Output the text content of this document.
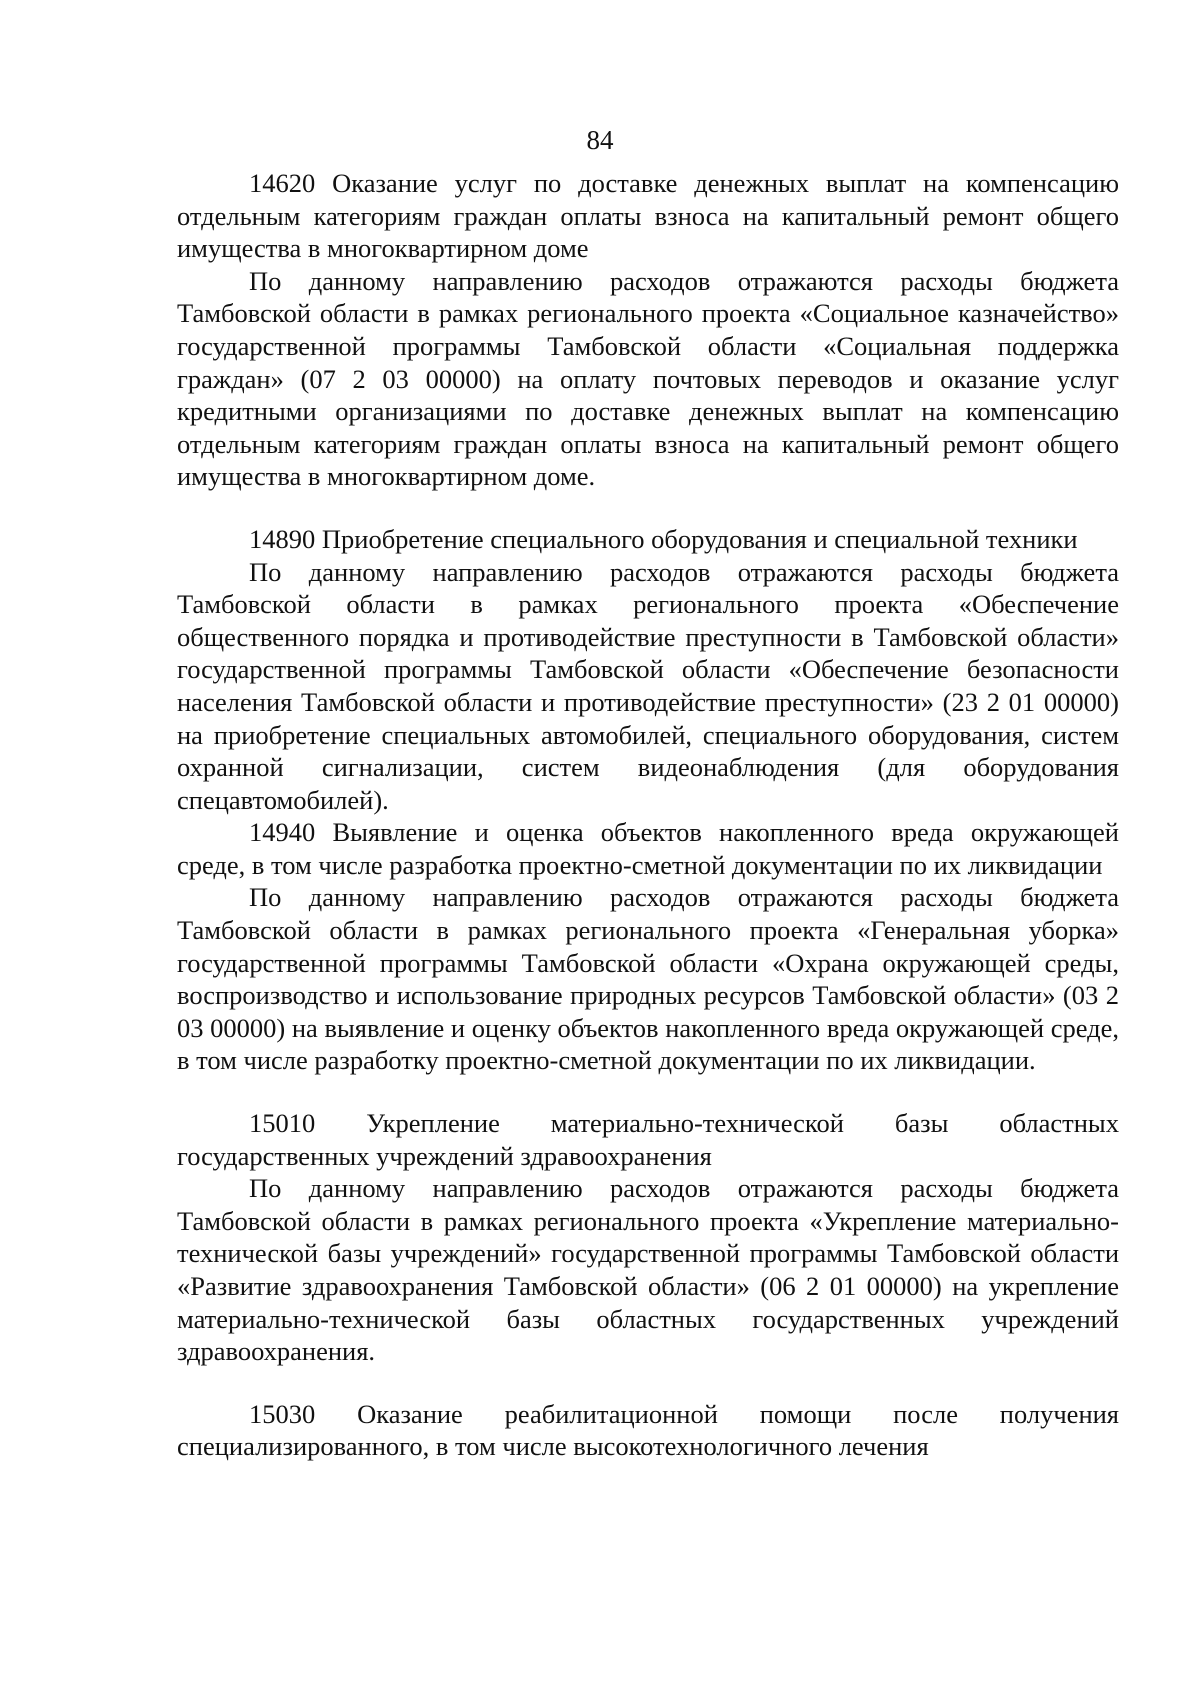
84

14620 Оказание услуг по доставке денежных выплат на компенсацию отдельным категориям граждан оплаты взноса на капитальный ремонт общего имущества в многоквартирном доме

По данному направлению расходов отражаются расходы бюджета Тамбовской области в рамках регионального проекта «Социальное казначейство» государственной программы Тамбовской области «Социальная поддержка граждан» (07 2 03 00000) на оплату почтовых переводов и оказание услуг кредитными организациями по доставке денежных выплат на компенсацию отдельным категориям граждан оплаты взноса на капитальный ремонт общего имущества в многоквартирном доме.

14890 Приобретение специального оборудования и специальной техники

По данному направлению расходов отражаются расходы бюджета Тамбовской области в рамках регионального проекта «Обеспечение общественного порядка и противодействие преступности в Тамбовской области» государственной программы Тамбовской области «Обеспечение безопасности населения Тамбовской области и противодействие преступности» (23 2 01 00000) на приобретение специальных автомобилей, специального оборудования, систем охранной сигнализации, систем видеонаблюдения (для оборудования спецавтомобилей).

14940 Выявление и оценка объектов накопленного вреда окружающей среде, в том числе разработка проектно-сметной документации по их ликвидации

По данному направлению расходов отражаются расходы бюджета Тамбовской области в рамках регионального проекта «Генеральная уборка» государственной программы Тамбовской области «Охрана окружающей среды, воспроизводство и использование природных ресурсов Тамбовской области» (03 2 03 00000) на выявление и оценку объектов накопленного вреда окружающей среде, в том числе разработку проектно-сметной документации по их ликвидации.

15010 Укрепление материально-технической базы областных государственных учреждений здравоохранения

По данному направлению расходов отражаются расходы бюджета Тамбовской области в рамках регионального проекта «Укрепление материально-технической базы учреждений» государственной программы Тамбовской области «Развитие здравоохранения Тамбовской области» (06 2 01 00000) на укрепление материально-технической базы областных государственных учреждений здравоохранения.

15030 Оказание реабилитационной помощи после получения специализированного, в том числе высокотехнологичного лечения
